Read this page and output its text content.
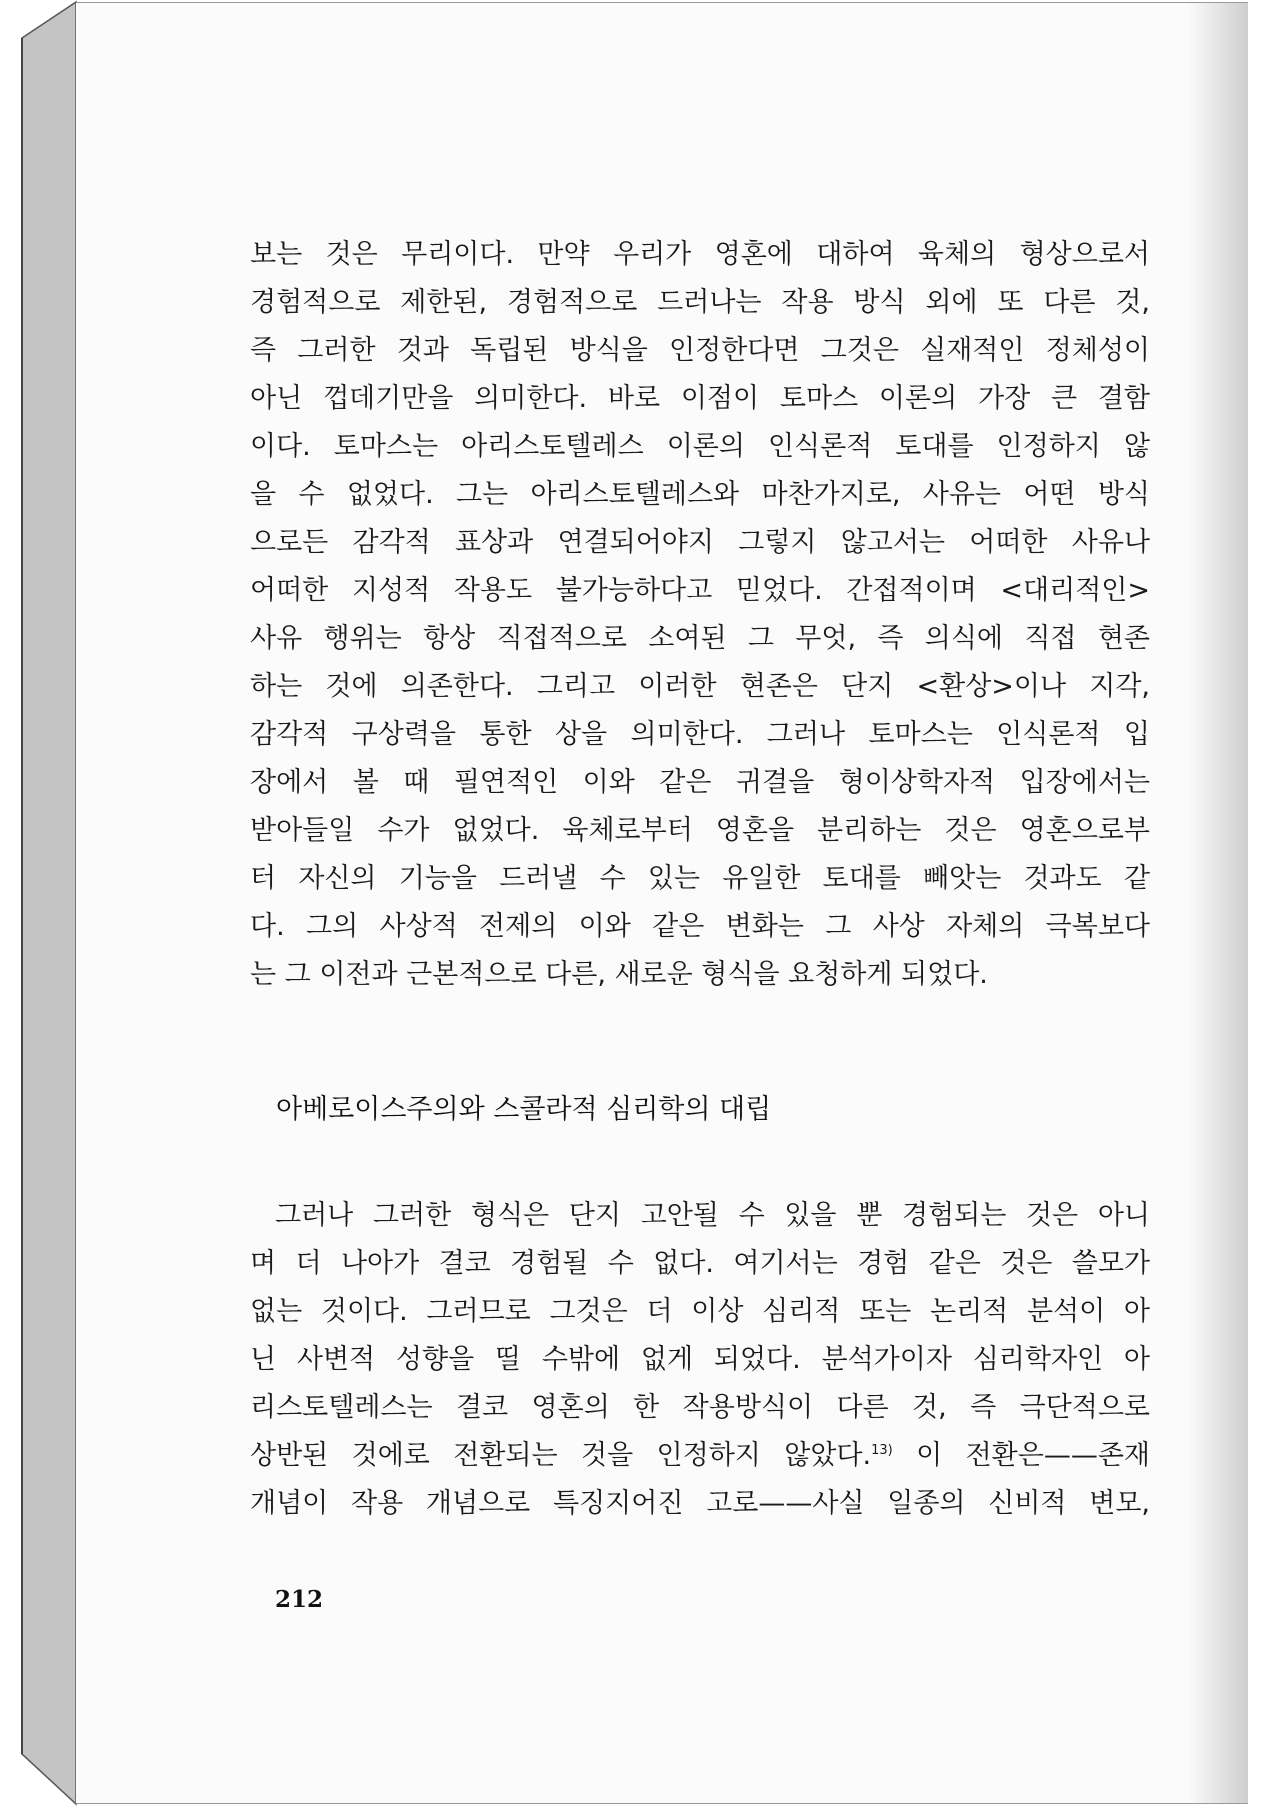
보는 것은 무리이다. 만약 우리가 영혼에 대하여 육체의 형상으로서
경험적으로 제한된, 경험적으로 드러나는 작용 방식 외에 또 다른 것,
즉 그러한 것과 독립된 방식을 인정한다면 그것은 실재적인 정체성이
아닌 껍데기만을 의미한다. 바로 이점이 토마스 이론의 가장 큰 결함
이다. 토마스는 아리스토텔레스 이론의 인식론적 토대를 인정하지 않
을 수 없었다. 그는 아리스토텔레스와 마찬가지로, 사유는 어떤 방식
으로든 감각적 표상과 연결되어야지 그렇지 않고서는 어떠한 사유나
어떠한 지성적 작용도 불가능하다고 믿었다. 간접적이며 <대리적인>
사유 행위는 항상 직접적으로 소여된 그 무엇, 즉 의식에 직접 현존
하는 것에 의존한다. 그리고 이러한 현존은 단지 <환상>이나 지각,
감각적 구상력을 통한 상을 의미한다. 그러나 토마스는 인식론적 입
장에서 볼 때 필연적인 이와 같은 귀결을 형이상학자적 입장에서는
받아들일 수가 없었다. 육체로부터 영혼을 분리하는 것은 영혼으로부
터 자신의 기능을 드러낼 수 있는 유일한 토대를 빼앗는 것과도 같
다. 그의 사상적 전제의 이와 같은 변화는 그 사상 자체의 극복보다
는 그 이전과 근본적으로 다른, 새로운 형식을 요청하게 되었다.
아베로이스주의와 스콜라적 심리학의 대립
그러나 그러한 형식은 단지 고안될 수 있을 뿐 경험되는 것은 아니
며 더 나아가 결코 경험될 수 없다. 여기서는 경험 같은 것은 쓸모가
없는 것이다. 그러므로 그것은 더 이상 심리적 또는 논리적 분석이 아
닌 사변적 성향을 띨 수밖에 없게 되었다. 분석가이자 심리학자인 아
리스토텔레스는 결코 영혼의 한 작용방식이 다른 것, 즉 극단적으로
상반된 것에로 전환되는 것을 인정하지 않았다.$^{13)}$ 이 전환은——존재
개념이 작용 개념으로 특징지어진 고로——사실 일종의 신비적 변모,
212
